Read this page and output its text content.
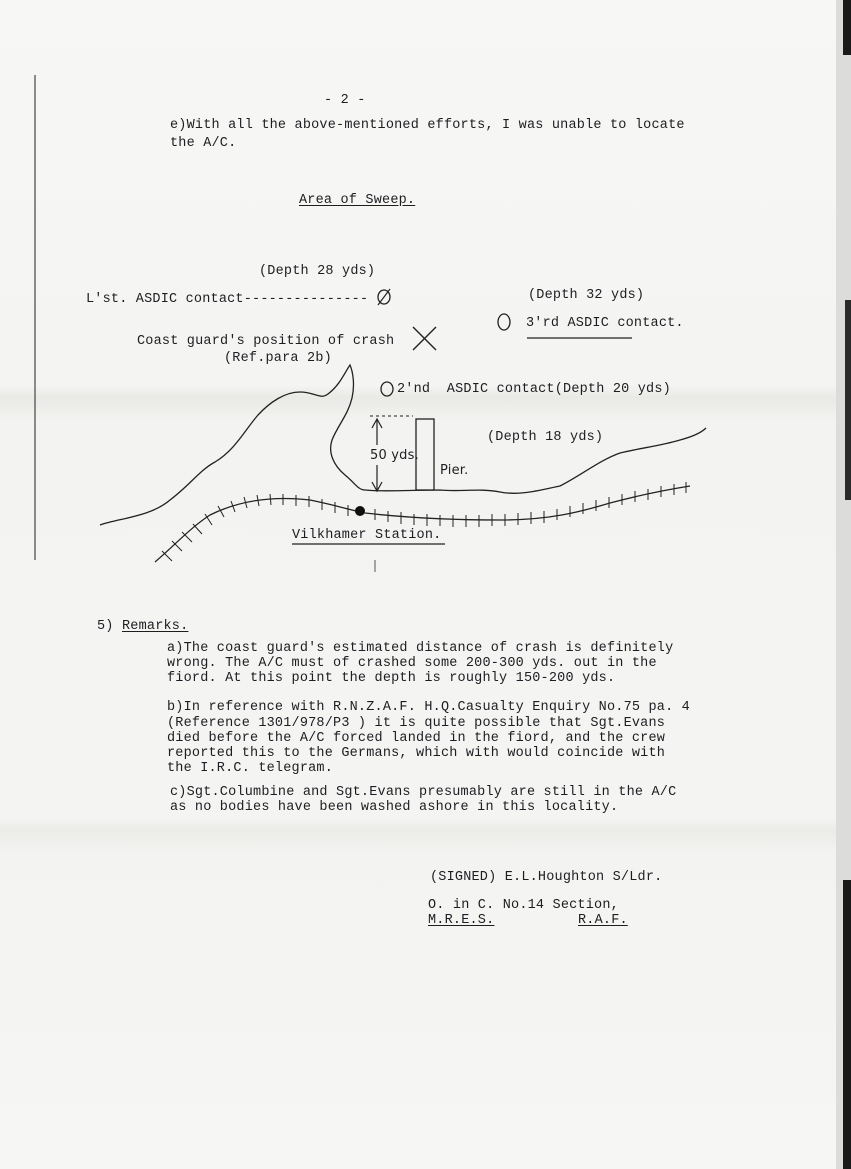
- 2 -
e)With all the above-mentioned efforts, I was unable to locate
the A/C.
Area of Sweep.
(Depth 28 yds)
L'st. ASDIC contact---------------	(Depth 32 yds)
3'rd ASDIC contact.
Coast guard's position of crash
(Ref.para 2b)
2'nd  ASDIC contact(Depth 20 yds)
(Depth 18 yds)
50 yds.
Pier.
Vilkhamer Station.
5) Remarks.
a)The coast guard's estimated distance of crash is definitely
wrong. The A/C must of crashed some 200-300 yds. out in the
fiord. At this point the depth is roughly 150-200 yds.
b)In reference with R.N.Z.A.F. H.Q.Casualty Enquiry No.75 pa. 4
(Reference 1301/978/P3 ) it is quite possible that Sgt.Evans
died before the A/C forced landed in the fiord, and the crew
reported this to the Germans, which with would coincide with
the I.R.C. telegram.
c)Sgt.Columbine and Sgt.Evans presumably are still in the A/C
as no bodies have been washed ashore in this locality.
(SIGNED) E.L.Houghton S/Ldr.
O. in C. No.14 Section,
M.R.E.S.	R.A.F.
